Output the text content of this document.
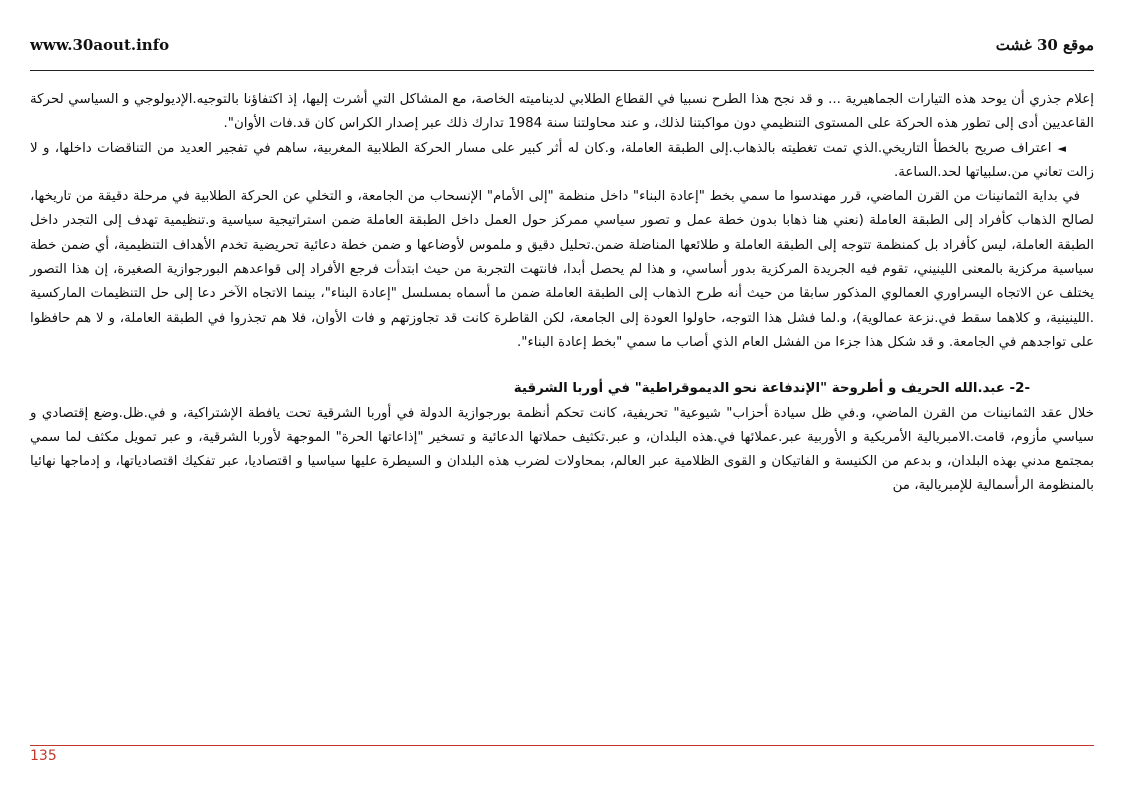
www.30aout.info	موقع 30 غشت

إعلام جذري أن يوحد هذه التيارات الجماهيرية ... و قد نجح هذا الطرح نسبيا في القطاع الطلابي لديناميته الخاصة، مع المشاكل التي أشرت إليها، إذ اكتفاؤنا بالتوجيه.الإديولوجي و السياسي لحركة القاعديين أدى إلى تطور هذه الحركة على المستوى التنظيمي دون مواكبتنا لذلك، و عند محاولتنا سنة 1984 تدارك ذلك عبر إصدار الكراس كان قد.فات الأوان".

◄اعتراف صريح بالخطأ التاريخي.الذي تمت تغطيته بالذهاب.إلى الطبقة العاملة، و.كان له أثر كبير على مسار الحركة الطلابية المغربية، ساهم في تفجير العديد من التناقضات داخلها، و لا زالت تعاني من.سلبياتها لحد.الساعة.

في بداية الثمانينات من القرن الماضي، قرر مهندسوا ما سمي بخط "إعادة البناء" داخل منظمة "إلى الأمام" الإنسحاب من الجامعة، و التخلي عن الحركة الطلابية في مرحلة دقيقة من تاريخها، لصالح الذهاب كأفراد إلى الطبقة العاملة (نعني هنا ذهابا بدون خطة عمل و تصور سياسي ممركز حول العمل داخل الطبقة العاملة ضمن استراتيجية سياسية و.تنظيمية تهدف إلى التجدر داخل الطبقة العاملة، ليس كأفراد بل كمنظمة تتوجه إلى الطبقة العاملة و طلائعها المناضلة ضمن.تحليل دقيق و ملموس لأوضاعها و ضمن خطة دعائية تحريضية تخدم الأهداف التنظيمية، أي ضمن خطة سياسية مركزية بالمعنى اللينيني، تقوم فيه الجريدة المركزية بدور أساسي، و هذا لم يحصل أبدا، فانتهت التجربة من حيث ابتدأت فرجع الأفراد إلى قواعدهم البورجوازية الصغيرة، إن هذا التصور يختلف عن الاتجاه اليسراوري العمالوي المذكور سابقا من حيث أنه طرح الذهاب إلى الطبقة العاملة ضمن ما أسماه بمسلسل "إعادة البناء"، بينما الاتجاه الآخر دعا إلى حل التنظيمات الماركسية .اللينينية، و كلاهما سقط في.نزعة عمالوية)، و.لما فشل هذا التوجه، حاولوا العودة إلى الجامعة، لكن القاطرة كانت قد تجاوزتهم و فات الأوان، فلا هم تجذروا في الطبقة العاملة، و لا هم حافظوا على تواجدهم في الجامعة. و قد شكل هذا جزءا من الفشل العام الذي أصاب ما سمي "بخط إعادة البناء".

-2- عبد.الله الحريف و أطروحة "الإندفاعة نحو الديموقراطية" في أوربا الشرقية

خلال عقد الثمانينات من القرن الماضي، و.في ظل سيادة أحزاب" شيوعية" تحريفية، كانت تحكم أنظمة بورجوازية الدولة في أوربا الشرقية تحت يافطة الإشتراكية، و في.ظل.وضع إقتصادي و سياسي مأزوم، قامت.الامبريالية الأمريكية و الأوربية عبر.عملائها في.هذه البلدان، و عبر.تكثيف حملاتها الدعائية و تسخير "إذاعاتها الحرة" الموجهة لأوربا الشرقية، و عبر تمويل مكثف لما سمي بمجتمع مدني بهذه البلدان، و بدعم من الكنيسة و الفاتيكان و القوى الظلامية عبر العالم، بمحاولات لضرب هذه البلدان و السيطرة عليها سياسيا و اقتصاديا، عبر تفكيك اقتصادياتها، و إدماجها نهائيا بالمنظومة الرأسمالية للإمبريالية، من

135
